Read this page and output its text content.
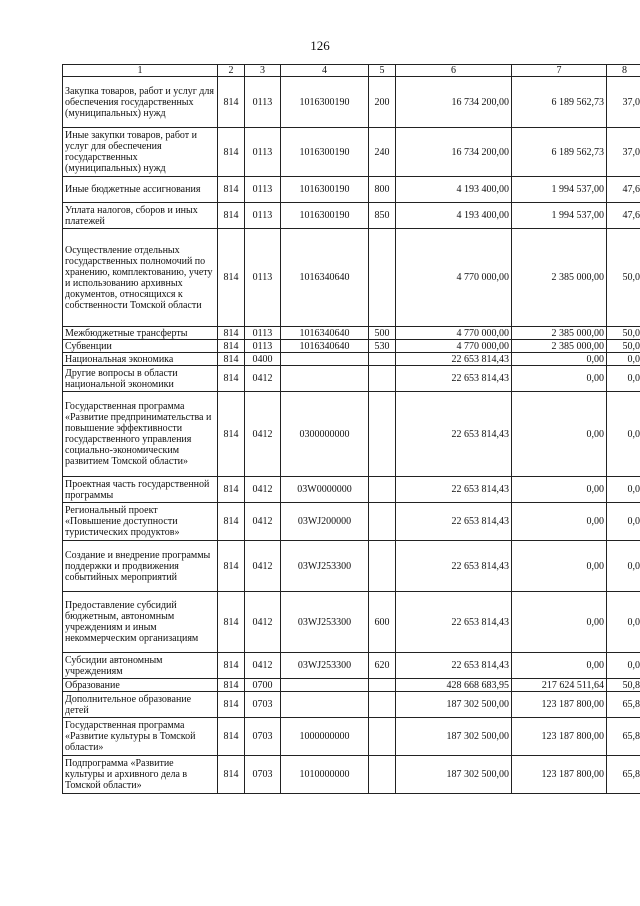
126
1	2	3	4	5	6	7	8
Закупка товаров, работ и услуг для обеспечения государственных (муниципальных) нужд	814	0113	1016300190	200	16 734 200,00	6 189 562,73	37,0
Иные закупки товаров, работ и услуг для обеспечения государственных (муниципальных) нужд	814	0113	1016300190	240	16 734 200,00	6 189 562,73	37,0
Иные бюджетные ассигнования	814	0113	1016300190	800	4 193 400,00	1 994 537,00	47,6
Уплата налогов, сборов и иных платежей	814	0113	1016300190	850	4 193 400,00	1 994 537,00	47,6
Осуществление отдельных государственных полномочий по хранению, комплектованию, учету и использованию архивных документов, относящихся к собственности Томской области	814	0113	1016340640		4 770 000,00	2 385 000,00	50,0
Межбюджетные трансферты	814	0113	1016340640	500	4 770 000,00	2 385 000,00	50,0
Субвенции	814	0113	1016340640	530	4 770 000,00	2 385 000,00	50,0
Национальная экономика	814	0400			22 653 814,43	0,00	0,0
Другие вопросы в области национальной экономики	814	0412			22 653 814,43	0,00	0,0
Государственная программа «Развитие предпринимательства и повышение эффективности государственного управления социально-экономическим развитием Томской области»	814	0412	0300000000		22 653 814,43	0,00	0,0
Проектная часть государственной программы	814	0412	03W0000000		22 653 814,43	0,00	0,0
Региональный проект «Повышение доступности туристических продуктов»	814	0412	03WJ200000		22 653 814,43	0,00	0,0
Создание и внедрение программы поддержки и продвижения событийных мероприятий	814	0412	03WJ253300		22 653 814,43	0,00	0,0
Предоставление субсидий бюджетным, автономным учреждениям и иным некоммерческим организациям	814	0412	03WJ253300	600	22 653 814,43	0,00	0,0
Субсидии автономным учреждениям	814	0412	03WJ253300	620	22 653 814,43	0,00	0,0
Образование	814	0700			428 668 683,95	217 624 511,64	50,8
Дополнительное образование детей	814	0703			187 302 500,00	123 187 800,00	65,8
Государственная программа «Развитие культуры в Томской области»	814	0703	1000000000		187 302 500,00	123 187 800,00	65,8
Подпрограмма «Развитие культуры и архивного дела в Томской области»	814	0703	1010000000		187 302 500,00	123 187 800,00	65,8
